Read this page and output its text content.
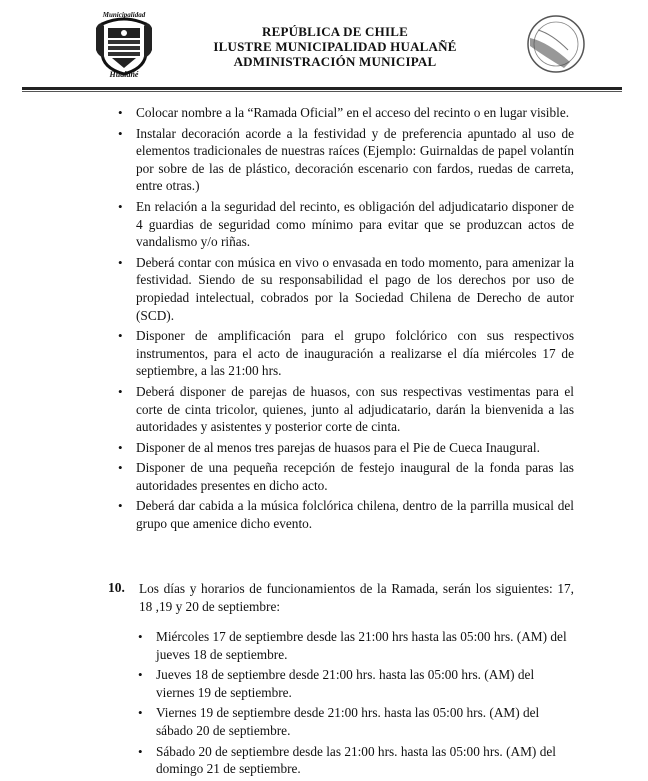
Municipalidad
Hualañé
REPÚBLICA DE CHILE
ILUSTRE MUNICIPALIDAD HUALAÑÉ
ADMINISTRACIÓN MUNICIPAL
• Colocar nombre a la “Ramada Oficial” en el acceso del recinto o en lugar visible.
• Instalar decoración acorde a la festividad y de preferencia apuntado al uso de elementos tradicionales de nuestras raíces (Ejemplo: Guirnaldas de papel volantín por sobre de las de plástico, decoración escenario con fardos, ruedas de carreta, entre otras.)
• En relación a la seguridad del recinto, es obligación del adjudicatario disponer de 4 guardias de seguridad como mínimo para evitar que se produzcan actos de vandalismo y/o riñas.
• Deberá contar con música en vivo o envasada en todo momento, para amenizar la festividad. Siendo de su responsabilidad el pago de los derechos por uso de propiedad intelectual, cobrados por la Sociedad Chilena de Derecho de autor (SCD).
• Disponer de amplificación para el grupo folclórico con sus respectivos instrumentos, para el acto de inauguración a realizarse el día miércoles 17 de septiembre, a las 21:00 hrs.
• Deberá disponer de parejas de huasos, con sus respectivas vestimentas para el corte de cinta tricolor, quienes, junto al adjudicatario, darán la bienvenida a las autoridades y asistentes y posterior corte de cinta.
• Disponer de al menos tres parejas de huasos para el Pie de Cueca Inaugural.
• Disponer de una pequeña recepción de festejo inaugural de la fonda paras las autoridades presentes en dicho acto.
• Deberá dar cabida a la música folclórica chilena, dentro de la parrilla musical del grupo que amenice dicho evento.
10. Los días y horarios de funcionamientos de la Ramada, serán los siguientes: 17, 18 ,19 y 20 de septiembre:
• Miércoles 17 de septiembre desde las 21:00 hrs hasta las 05:00 hrs. (AM) del jueves 18 de septiembre.
• Jueves 18 de septiembre desde 21:00 hrs. hasta las 05:00 hrs. (AM) del viernes 19 de septiembre.
• Viernes 19 de septiembre desde 21:00 hrs. hasta las 05:00 hrs. (AM) del sábado 20 de septiembre.
• Sábado 20 de septiembre desde las 21:00 hrs. hasta las 05:00 hrs. (AM) del domingo 21 de septiembre.
